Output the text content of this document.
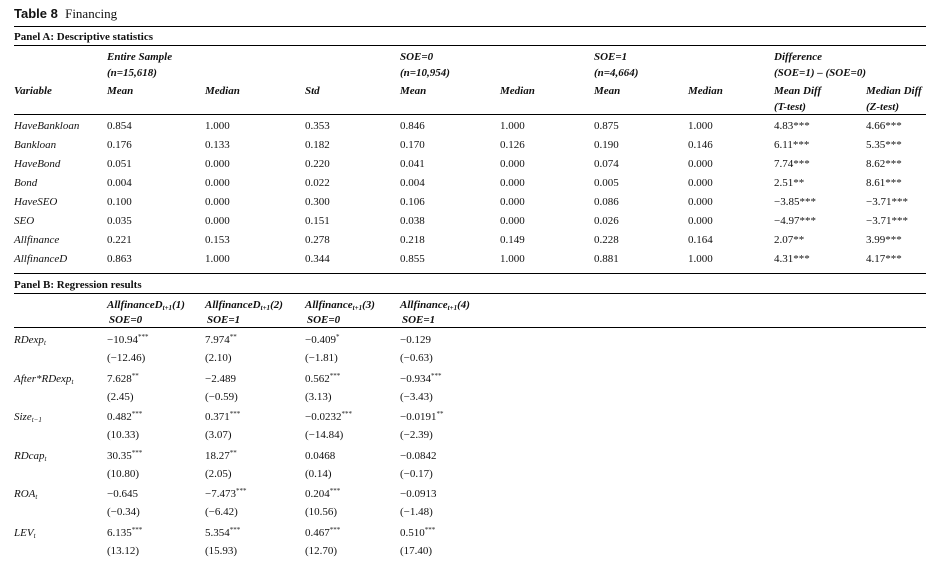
Table 8 Financing
Panel A: Descriptive statistics
Entire Sample
(n=15,618)
SOE=0
(n=10,954)
SOE=1
(n=4,664)
Difference
(SOE=1) – (SOE=0)
Variable	Mean	Median	Std	Mean	Median	Mean	Median	Mean Diff	Median Diff
(T-test)	(Z-test)
HaveBankloan	0.854	1.000	0.353	0.846	1.000	0.875	1.000	4.83***	4.66***
Bankloan	0.176	0.133	0.182	0.170	0.126	0.190	0.146	6.11***	5.35***
HaveBond	0.051	0.000	0.220	0.041	0.000	0.074	0.000	7.74***	8.62***
Bond	0.004	0.000	0.022	0.004	0.000	0.005	0.000	2.51**	8.61***
HaveSEO	0.100	0.000	0.300	0.106	0.000	0.086	0.000	−3.85***	−3.71***
SEO	0.035	0.000	0.151	0.038	0.000	0.026	0.000	−4.97***	−3.71***
Allfinance	0.221	0.153	0.278	0.218	0.149	0.228	0.164	2.07**	3.99***
AllfinanceD	0.863	1.000	0.344	0.855	1.000	0.881	1.000	4.31***	4.17***
Panel B: Regression results
AllfinanceD$_{t+1}$(1)
SOE=0
AllfinanceD$_{t+1}$(2)
SOE=1
Allfinance$_{t+1}$(3)
SOE=0
Allfinance$_{t+1}$(4)
SOE=1
RDexp$_t$	−10.94***	7.974**	−0.409*	−0.129
(−12.46)	(2.10)	(−1.81)	(−0.63)
After*RDexp$_t$	7.628**	−2.489	0.562***	−0.934***
(2.45)	(−0.59)	(3.13)	(−3.43)
Size$_{t-1}$	0.482***	0.371***	−0.0232***	−0.0191**
(10.33)	(3.07)	(−14.84)	(−2.39)
RDcap$_t$	30.35***	18.27**	0.0468	−0.0842
(10.80)	(2.05)	(0.14)	(−0.17)
$ROA_t$	−0.645	−7.473***	0.204***	−0.0913
(−0.34)	(−6.42)	(10.56)	(−1.48)
$LEV_t$	6.135***	5.354***	0.467***	0.510***
(13.12)	(15.93)	(12.70)	(17.40)
